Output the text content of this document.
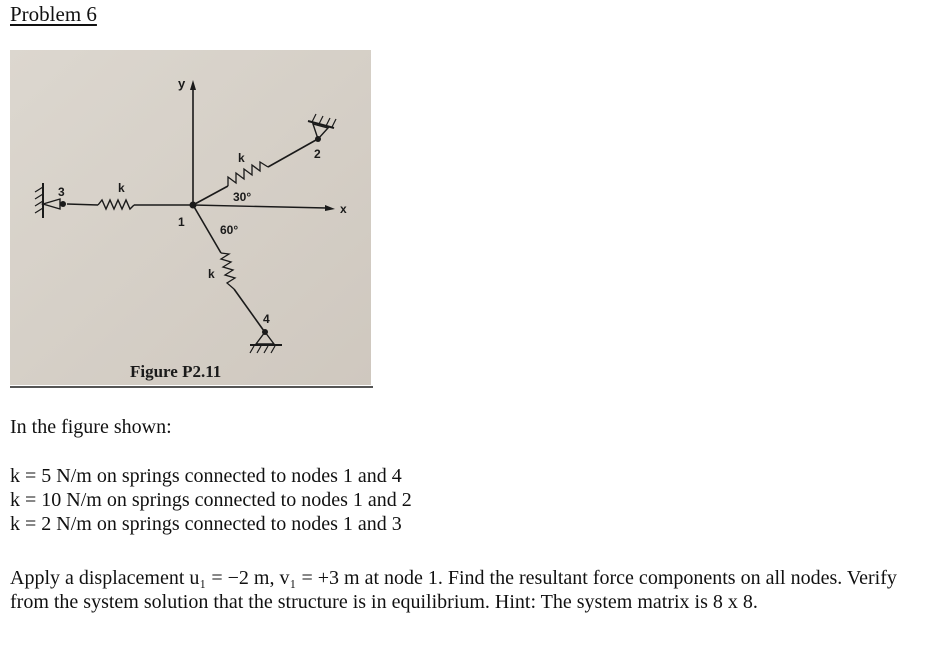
Problem 6
y
x
k
3
k
30°
2
k
60°
4
1
Figure P2.11
In the figure shown:
k = 5 N/m on springs connected to nodes 1 and 4
k = 10 N/m on springs connected to nodes 1 and 2
k = 2 N/m on springs connected to nodes 1 and 3
Apply a displacement u₁ = −2 m, v₁ = +3 m at node 1. Find the resultant force components on all nodes. Verify from the system solution that the structure is in equilibrium. Hint: The system matrix is 8 x 8.
